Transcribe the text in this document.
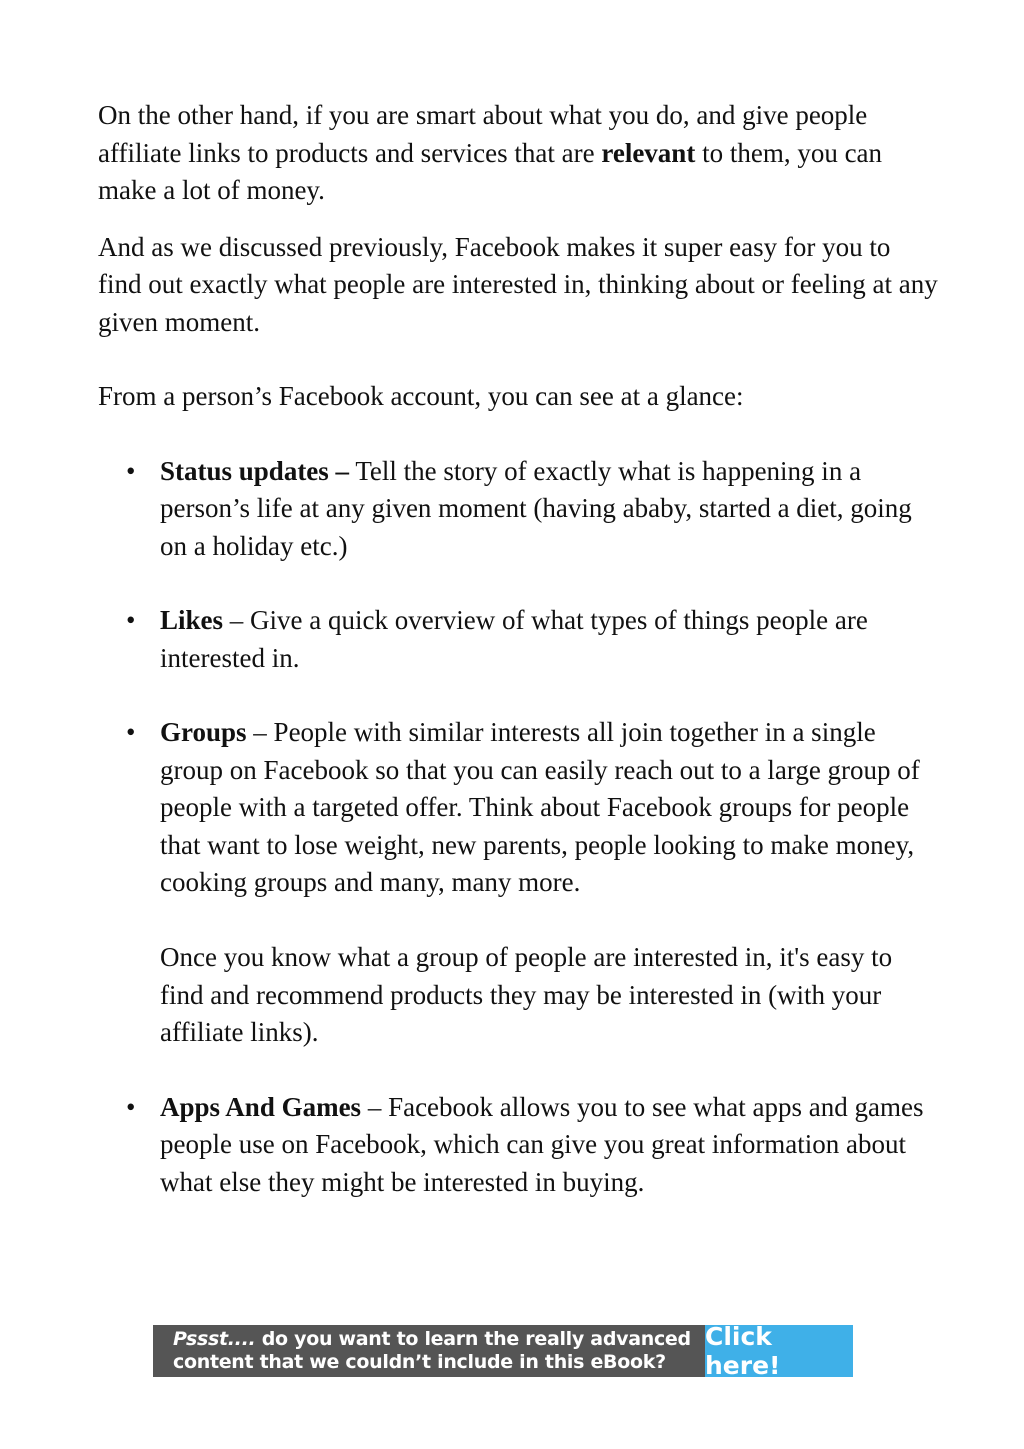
On the other hand, if you are smart about what you do, and give people affiliate links to products and services that are relevant to them, you can make a lot of money.

And as we discussed previously, Facebook makes it super easy for you to find out exactly what people are interested in, thinking about or feeling at any given moment.

From a person’s Facebook account, you can see at a glance:

• Status updates – Tell the story of exactly what is happening in a person’s life at any given moment (having ababy, started a diet, going on a holiday etc.)
• Likes – Give a quick overview of what types of things people are interested in.
• Groups – People with similar interests all join together in a single group on Facebook so that you can easily reach out to a large group of people with a targeted offer. Think about Facebook groups for people that want to lose weight, new parents, people looking to make money, cooking groups and many, many more.
Once you know what a group of people are interested in, it's easy to find and recommend products they may be interested in (with your affiliate links).
• Apps And Games – Facebook allows you to see what apps and games people use on Facebook, which can give you great information about what else they might be interested in buying.
Pssst.... do you want to learn the really advanced
content that we couldn’t include in this eBook?
Click here!
